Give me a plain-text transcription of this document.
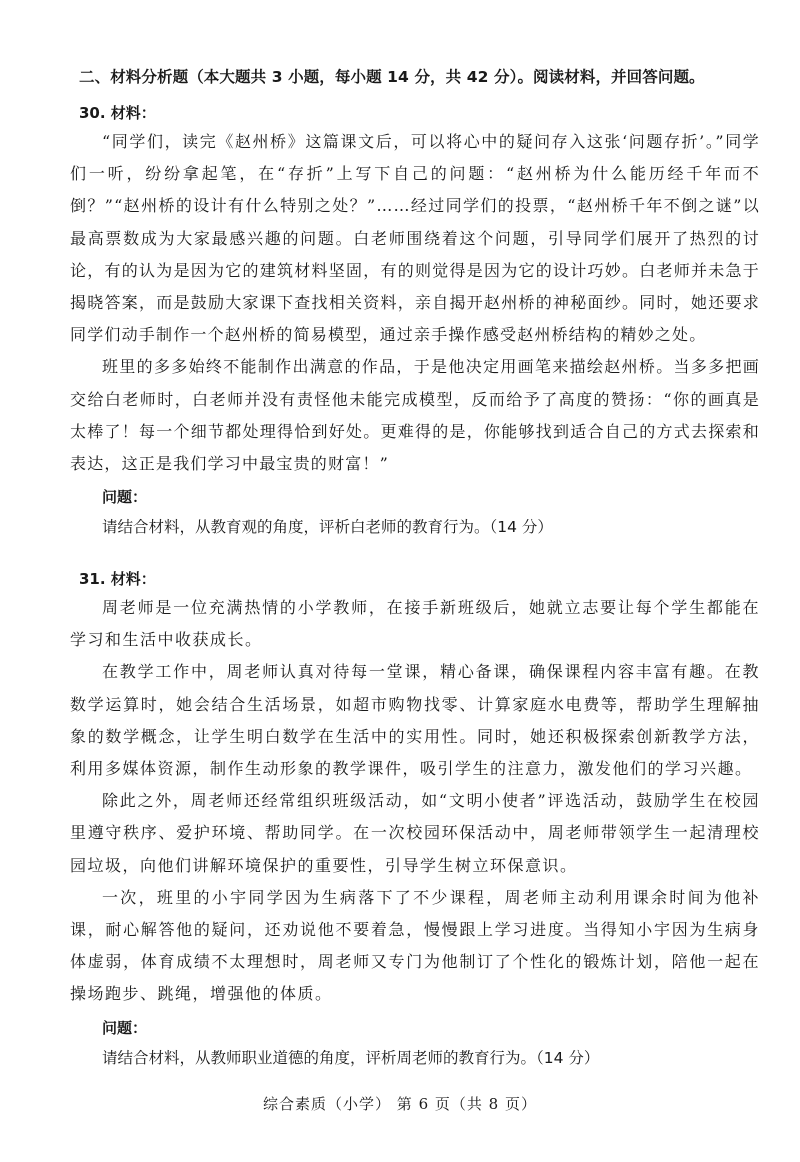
二、材料分析题（本大题共 3 小题，每小题 14 分，共 42 分）。阅读材料，并回答问题。

30. 材料：

“同学们，读完《赵州桥》这篇课文后，可以将心中的疑问存入这张‘问题存折’。”同学们一听，纷纷拿起笔，在“存折”上写下自己的问题：“赵州桥为什么能历经千年而不倒？”“赵州桥的设计有什么特别之处？”……经过同学们的投票，“赵州桥千年不倒之谜”以最高票数成为大家最感兴趣的问题。白老师围绕着这个问题，引导同学们展开了热烈的讨论，有的认为是因为它的建筑材料坚固，有的则觉得是因为它的设计巧妙。白老师并未急于揭晓答案，而是鼓励大家课下查找相关资料，亲自揭开赵州桥的神秘面纱。同时，她还要求同学们动手制作一个赵州桥的简易模型，通过亲手操作感受赵州桥结构的精妙之处。

班里的多多始终不能制作出满意的作品，于是他决定用画笔来描绘赵州桥。当多多把画交给白老师时，白老师并没有责怪他未能完成模型，反而给予了高度的赞扬：“你的画真是太棒了！每一个细节都处理得恰到好处。更难得的是，你能够找到适合自己的方式去探索和表达，这正是我们学习中最宝贵的财富！”

问题：

请结合材料，从教育观的角度，评析白老师的教育行为。（14 分）

31. 材料：

周老师是一位充满热情的小学教师，在接手新班级后，她就立志要让每个学生都能在学习和生活中收获成长。

在教学工作中，周老师认真对待每一堂课，精心备课，确保课程内容丰富有趣。在教数学运算时，她会结合生活场景，如超市购物找零、计算家庭水电费等，帮助学生理解抽象的数学概念，让学生明白数学在生活中的实用性。同时，她还积极探索创新教学方法，利用多媒体资源，制作生动形象的教学课件，吸引学生的注意力，激发他们的学习兴趣。

除此之外，周老师还经常组织班级活动，如“文明小使者”评选活动，鼓励学生在校园里遵守秩序、爱护环境、帮助同学。在一次校园环保活动中，周老师带领学生一起清理校园垃圾，向他们讲解环境保护的重要性，引导学生树立环保意识。

一次，班里的小宇同学因为生病落下了不少课程，周老师主动利用课余时间为他补课，耐心解答他的疑问，还劝说他不要着急，慢慢跟上学习进度。当得知小宇因为生病身体虚弱，体育成绩不太理想时，周老师又专门为他制订了个性化的锻炼计划，陪他一起在操场跑步、跳绳，增强他的体质。

问题：

请结合材料，从教师职业道德的角度，评析周老师的教育行为。（14 分）

综合素质（小学） 第 6 页（共 8 页）
